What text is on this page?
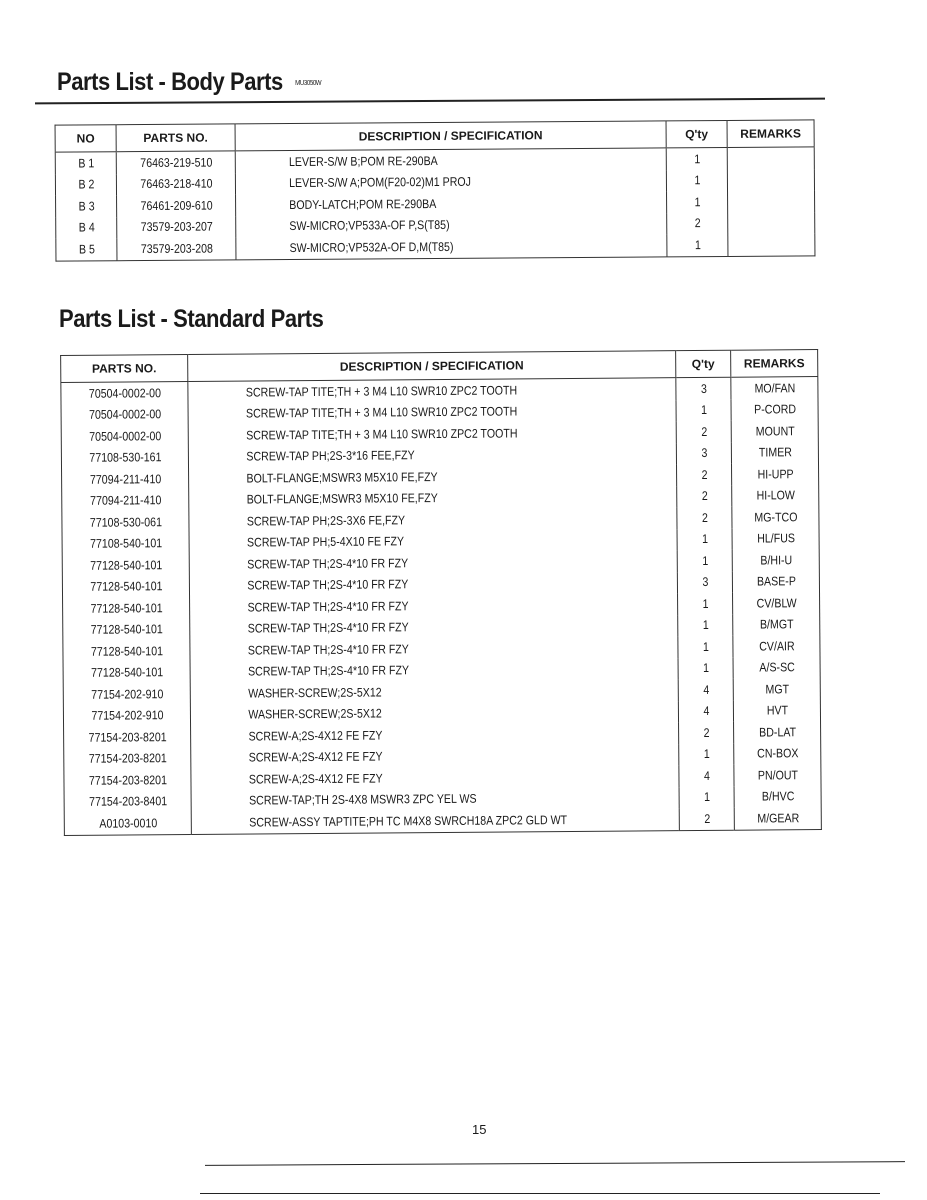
Parts List - Body Parts MU3050W
NO	PARTS NO.	DESCRIPTION / SPECIFICATION	Q'ty	REMARKS
B 1	76463-219-510	LEVER-S/W B;POM RE-290BA	1	
B 2	76463-218-410	LEVER-S/W A;POM(F20-02)M1 PROJ	1	
B 3	76461-209-610	BODY-LATCH;POM RE-290BA	1	
B 4	73579-203-207	SW-MICRO;VP533A-OF P,S(T85)	2	
B 5	73579-203-208	SW-MICRO;VP532A-OF D,M(T85)	1	
Parts List - Standard Parts
PARTS NO.	DESCRIPTION / SPECIFICATION	Q'ty	REMARKS
70504-0002-00	SCREW-TAP TITE;TH + 3 M4 L10 SWR10 ZPC2 TOOTH	3	MO/FAN
70504-0002-00	SCREW-TAP TITE;TH + 3 M4 L10 SWR10 ZPC2 TOOTH	1	P-CORD
70504-0002-00	SCREW-TAP TITE;TH + 3 M4 L10 SWR10 ZPC2 TOOTH	2	MOUNT
77108-530-161	SCREW-TAP PH;2S-3*16 FEE,FZY	3	TIMER
77094-211-410	BOLT-FLANGE;MSWR3 M5X10 FE,FZY	2	HI-UPP
77094-211-410	BOLT-FLANGE;MSWR3 M5X10 FE,FZY	2	HI-LOW
77108-530-061	SCREW-TAP PH;2S-3X6 FE,FZY	2	MG-TCO
77108-540-101	SCREW-TAP PH;5-4X10 FE FZY	1	HL/FUS
77128-540-101	SCREW-TAP TH;2S-4*10 FR FZY	1	B/HI-U
77128-540-101	SCREW-TAP TH;2S-4*10 FR FZY	3	BASE-P
77128-540-101	SCREW-TAP TH;2S-4*10 FR FZY	1	CV/BLW
77128-540-101	SCREW-TAP TH;2S-4*10 FR FZY	1	B/MGT
77128-540-101	SCREW-TAP TH;2S-4*10 FR FZY	1	CV/AIR
77128-540-101	SCREW-TAP TH;2S-4*10 FR FZY	1	A/S-SC
77154-202-910	WASHER-SCREW;2S-5X12	4	MGT
77154-202-910	WASHER-SCREW;2S-5X12	4	HVT
77154-203-8201	SCREW-A;2S-4X12 FE FZY	2	BD-LAT
77154-203-8201	SCREW-A;2S-4X12 FE FZY	1	CN-BOX
77154-203-8201	SCREW-A;2S-4X12 FE FZY	4	PN/OUT
77154-203-8401	SCREW-TAP;TH 2S-4X8 MSWR3 ZPC YEL WS	1	B/HVC
A0103-0010	SCREW-ASSY TAPTITE;PH TC M4X8 SWRCH18A ZPC2 GLD WT	2	M/GEAR
15
